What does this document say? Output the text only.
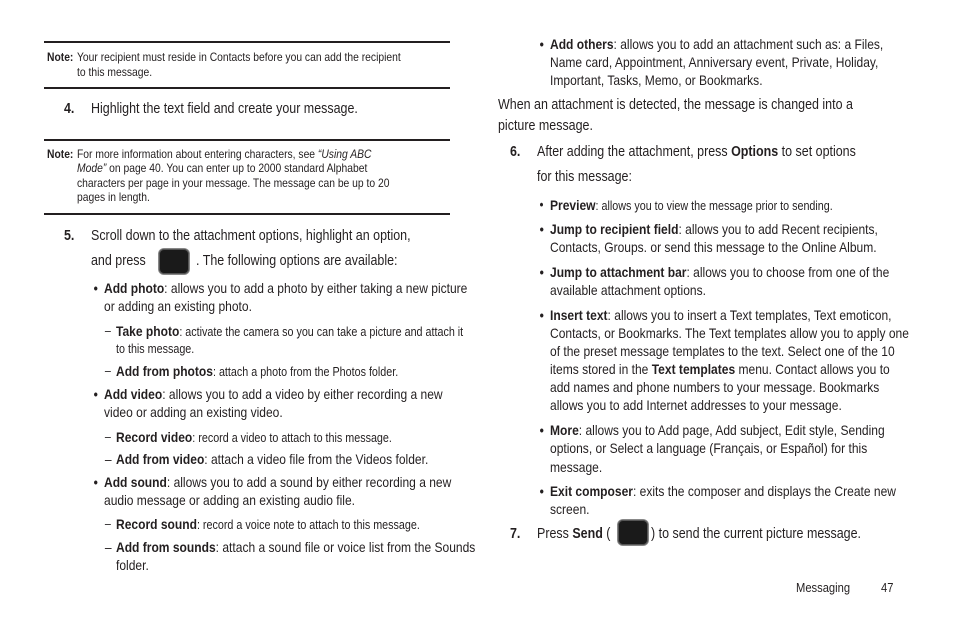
Note: Your recipient must reside in Contacts before you can add the recipient
to this message.
4. Highlight the text field and create your message.
Note: For more information about entering characters, see “Using ABC
Mode” on page 40. You can enter up to 2000 standard Alphabet
characters per page in your message. The message can be up to 20
pages in length.
5. Scroll down to the attachment options, highlight an option,
and press	. The following options are available:
• Add photo: allows you to add a photo by either taking a new picture
or adding an existing photo.
– Take photo: activate the camera so you can take a picture and attach it
to this message.
– Add from photos: attach a photo from the Photos folder.
• Add video: allows you to add a video by either recording a new
video or adding an existing video.
– Record video: record a video to attach to this message.
– Add from video: attach a video file from the Videos folder.
• Add sound: allows you to add a sound by either recording a new
audio message or adding an existing audio file.
– Record sound: record a voice note to attach to this message.
– Add from sounds: attach a sound file or voice list from the Sounds
folder.
• Add others: allows you to add an attachment such as: a Files,
Name card, Appointment, Anniversary event, Private, Holiday,
Important, Tasks, Memo, or Bookmarks.
When an attachment is detected, the message is changed into a
picture message.
6. After adding the attachment, press Options to set options
for this message:
• Preview: allows you to view the message prior to sending.
• Jump to recipient field: allows you to add Recent recipients,
Contacts, Groups. or send this message to the Online Album.
• Jump to attachment bar: allows you to choose from one of the
available attachment options.
• Insert text: allows you to insert a Text templates, Text emoticon,
Contacts, or Bookmarks. The Text templates allow you to apply one
of the preset message templates to the text. Select one of the 10
items stored in the Text templates menu. Contact allows you to
add names and phone numbers to your message. Bookmarks
allows you to add Internet addresses to your message.
• More: allows you to Add page, Add subject, Edit style, Sending
options, or Select a language (Français, or Español) for this
message.
• Exit composer: exits the composer and displays the Create new
screen.
7. Press Send (	) to send the current picture message.
Messaging 47
